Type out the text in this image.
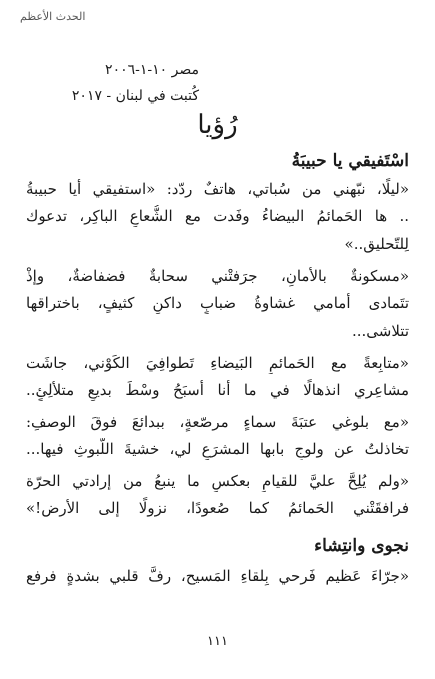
الحدث الأعظم
مصر ١٠-١-٢٠٠٦
كُتبت في لبنان - ٢٠١٧
رُؤيا
اسْتَفيقي يا حبيبَةُ
«ليلًا، نبّهني من سُباتي، هاتفٌ ردّد: «استفيقي أيا حبيبةُ
.. ها الحَمائمُ البيضاءُ وفَدت مع الشُّعاعِ الباكِر، تدعوك
لِلتّحليق..»
«مسكونةٌ بالأمانِ، جرَفتْني سحابةٌ فضفاضةٌ، وإذْ
تتَمادى أمامي غشاوةُ ضبابٍ داكنٍ كثيفٍ، باختراقها
تتلاشى...
«متابِعةً مع الحَمائمِ البَيضاءِ تَطوافِيَ الكَوْني، جاشَت
مشاعِري انذهالًا في ما أنا أسبَحُ وسْطَ بديعٍ متلألِئٍ..
«مع بلوغي عتبَةَ سماءٍ مرصّعةٍ، ببدائعَ فوقَ الوصفِ:
تخاذلتُ عن ولوجِ بابها المشرَعِ لي، خشيةَ اللّبوثِ فيها...
«ولم يُلِحَّ عليَّ للقيامِ بعكسِ ما ينبعُ من إرادتي الحرّة
فرافقَتْني الحَمائمُ كما صُعودًا، نزولًا إلى الأرض!»
نجوى وانتِشاء
«جرّاءَ عَظيم فَرحي بِلقاءِ المَسيح، رفَّ قلبي بشدةٍ فرفع
١١١
